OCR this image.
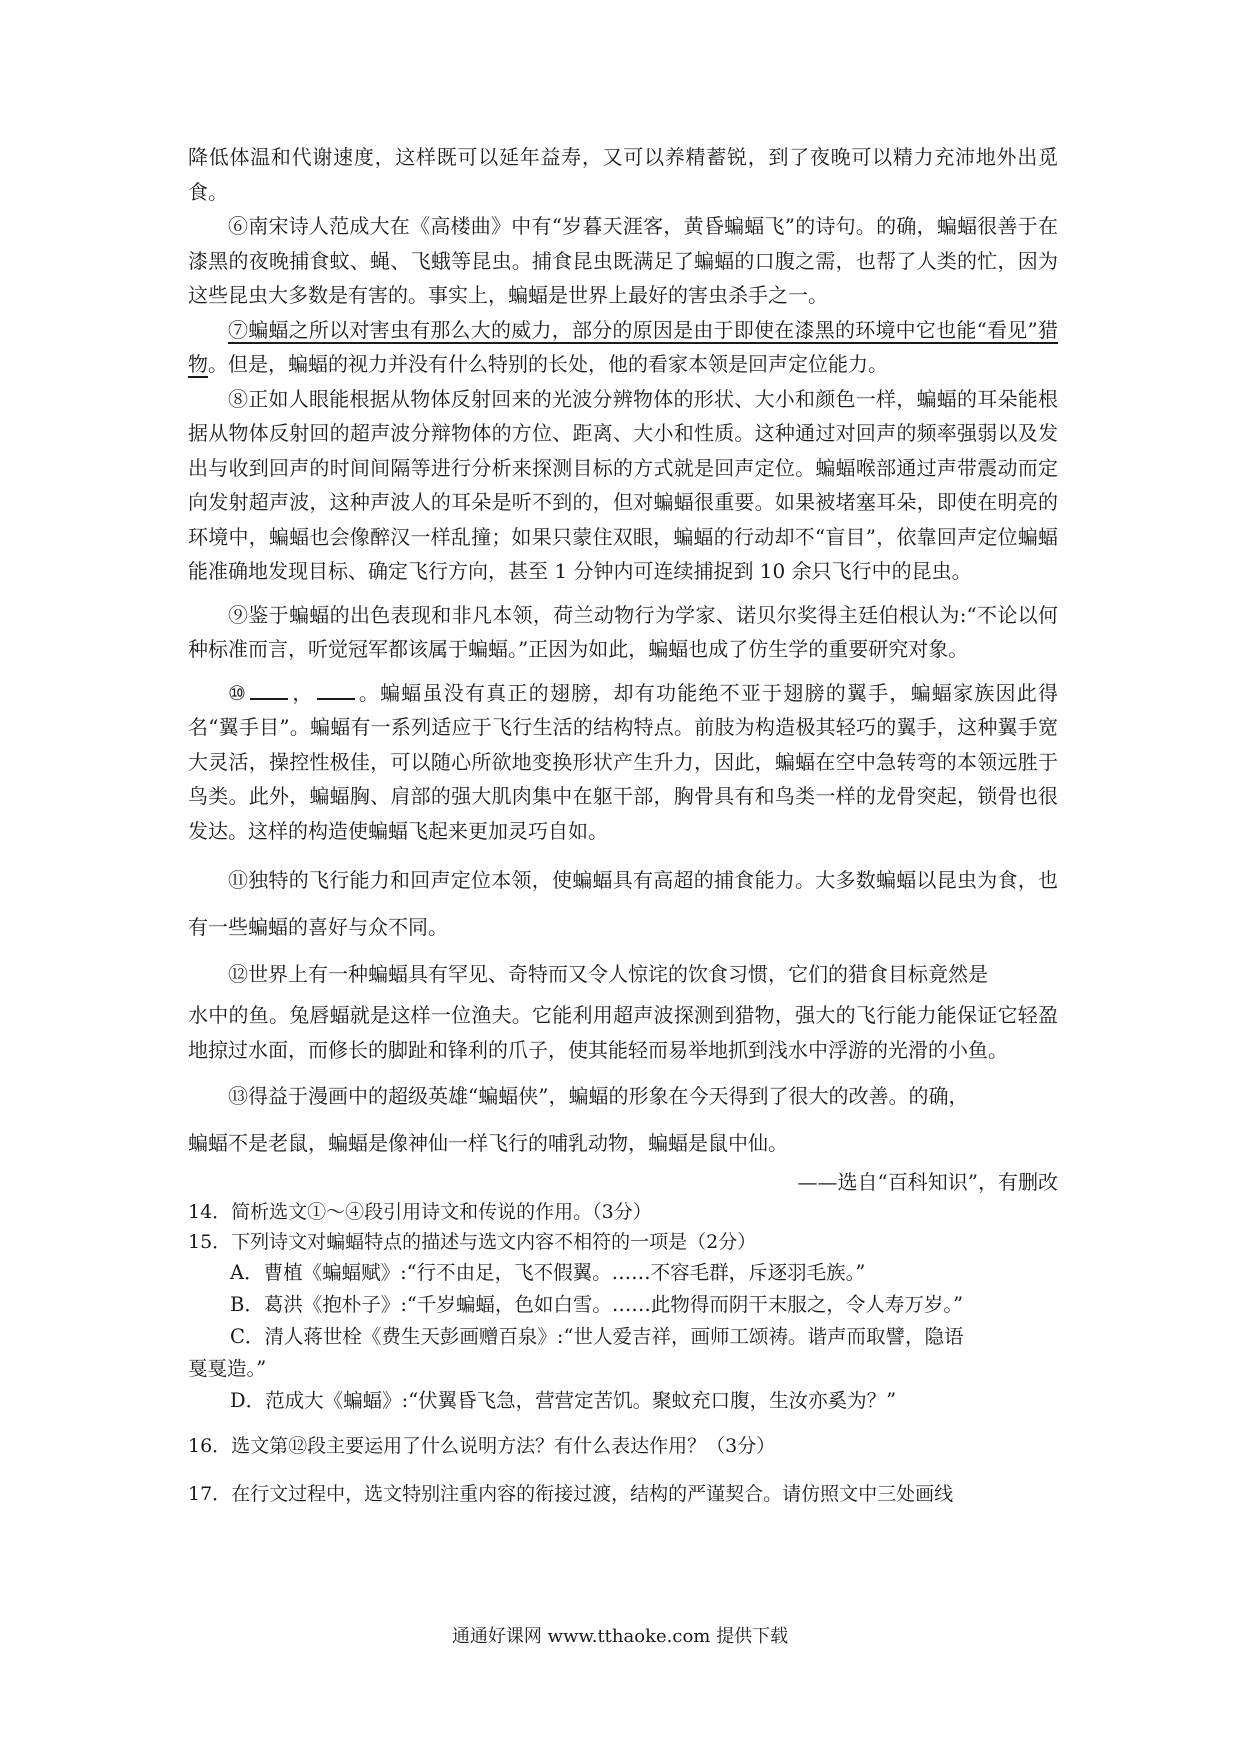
降低体温和代谢速度，这样既可以延年益寿，又可以养精蓄锐，到了夜晚可以精力充沛地外出觅食。

⑥南宋诗人范成大在《高楼曲》中有“岁暮天涯客，黄昏蝙蝠飞”的诗句。的确，蝙蝠很善于在漆黑的夜晚捕食蚊、蝇、飞蛾等昆虫。捕食昆虫既满足了蝙蝠的口腹之需，也帮了人类的忙，因为这些昆虫大多数是有害的。事实上，蝙蝠是世界上最好的害虫杀手之一。

⑦蝙蝠之所以对害虫有那么大的威力，部分的原因是由于即使在漆黑的环境中它也能“看见”猎物。但是，蝙蝠的视力并没有什么特别的长处，他的看家本领是回声定位能力。

⑧正如人眼能根据从物体反射回来的光波分辨物体的形状、大小和颜色一样，蝙蝠的耳朵能根据从物体反射回的超声波分辩物体的方位、距离、大小和性质。这种通过对回声的频率强弱以及发出与收到回声的时间间隔等进行分析来探测目标的方式就是回声定位。蝙蝠喉部通过声带震动而定向发射超声波，这种声波人的耳朵是听不到的，但对蝙蝠很重要。如果被堵塞耳朵，即使在明亮的环境中，蝙蝠也会像醉汉一样乱撞；如果只蒙住双眼，蝙蝠的行动却不“盲目”，依靠回声定位蝙蝠能准确地发现目标、确定飞行方向，甚至 1 分钟内可连续捕捉到 10 余只飞行中的昆虫。

⑨鉴于蝙蝠的出色表现和非凡本领，荷兰动物行为学家、诺贝尔奖得主廷伯根认为:“不论以何种标准而言，听觉冠军都该属于蝙蝠。”正因为如此，蝙蝠也成了仿生学的重要研究对象。

⑩ ， 。蝙蝠虽没有真正的翅膀，却有功能绝不亚于翅膀的翼手，蝙蝠家族因此得名“翼手目”。蝙蝠有一系列适应于飞行生活的结构特点。前肢为构造极其轻巧的翼手，这种翼手宽大灵活，操控性极佳，可以随心所欲地变换形状产生升力，因此，蝙蝠在空中急转弯的本领远胜于鸟类。此外，蝙蝠胸、肩部的强大肌肉集中在躯干部，胸骨具有和鸟类一样的龙骨突起，锁骨也很发达。这样的构造使蝙蝠飞起来更加灵巧自如。

⑪独特的飞行能力和回声定位本领，使蝙蝠具有高超的捕食能力。大多数蝙蝠以昆虫为食，也有一些蝙蝠的喜好与众不同。

⑫世界上有一种蝙蝠具有罕见、奇特而又令人惊诧的饮食习惯，它们的猎食目标竟然是

水中的鱼。兔唇蝠就是这样一位渔夫。它能利用超声波探测到猎物，强大的飞行能力能保证它轻盈地掠过水面，而修长的脚趾和锋利的爪子，使其能轻而易举地抓到浅水中浮游的光滑的小鱼。

⑬得益于漫画中的超级英雄“蝙蝠侠”，蝙蝠的形象在今天得到了很大的改善。的确，

蝙蝠不是老鼠，蝙蝠是像神仙一样飞行的哺乳动物，蝙蝠是鼠中仙。

——选自“百科知识”，有删改

14．简析选文①～④段引用诗文和传说的作用。（3分）

15．下列诗文对蝙蝠特点的描述与选文内容不相符的一项是（2分）

A．曹植《蝙蝠赋》:“行不由足，飞不假翼。……不容毛群，斥逐羽毛族。”

B．葛洪《抱朴子》:“千岁蝙蝠，色如白雪。……此物得而阴干末服之，令人寿万岁。”

C．清人蒋世栓《费生天彭画赠百泉》:“世人爱吉祥，画师工颂祷。谐声而取譬，隐语

戛戛造。”

D．范成大《蝙蝠》:“伏翼昏飞急，营营定苦饥。聚蚊充口腹，生汝亦奚为？”

16．选文第⑫段主要运用了什么说明方法？有什么表达作用？（3分）

17．在行文过程中，选文特别注重内容的衔接过渡，结构的严谨契合。请仿照文中三处画线

通通好课网 www.tthaoke.com 提供下载
